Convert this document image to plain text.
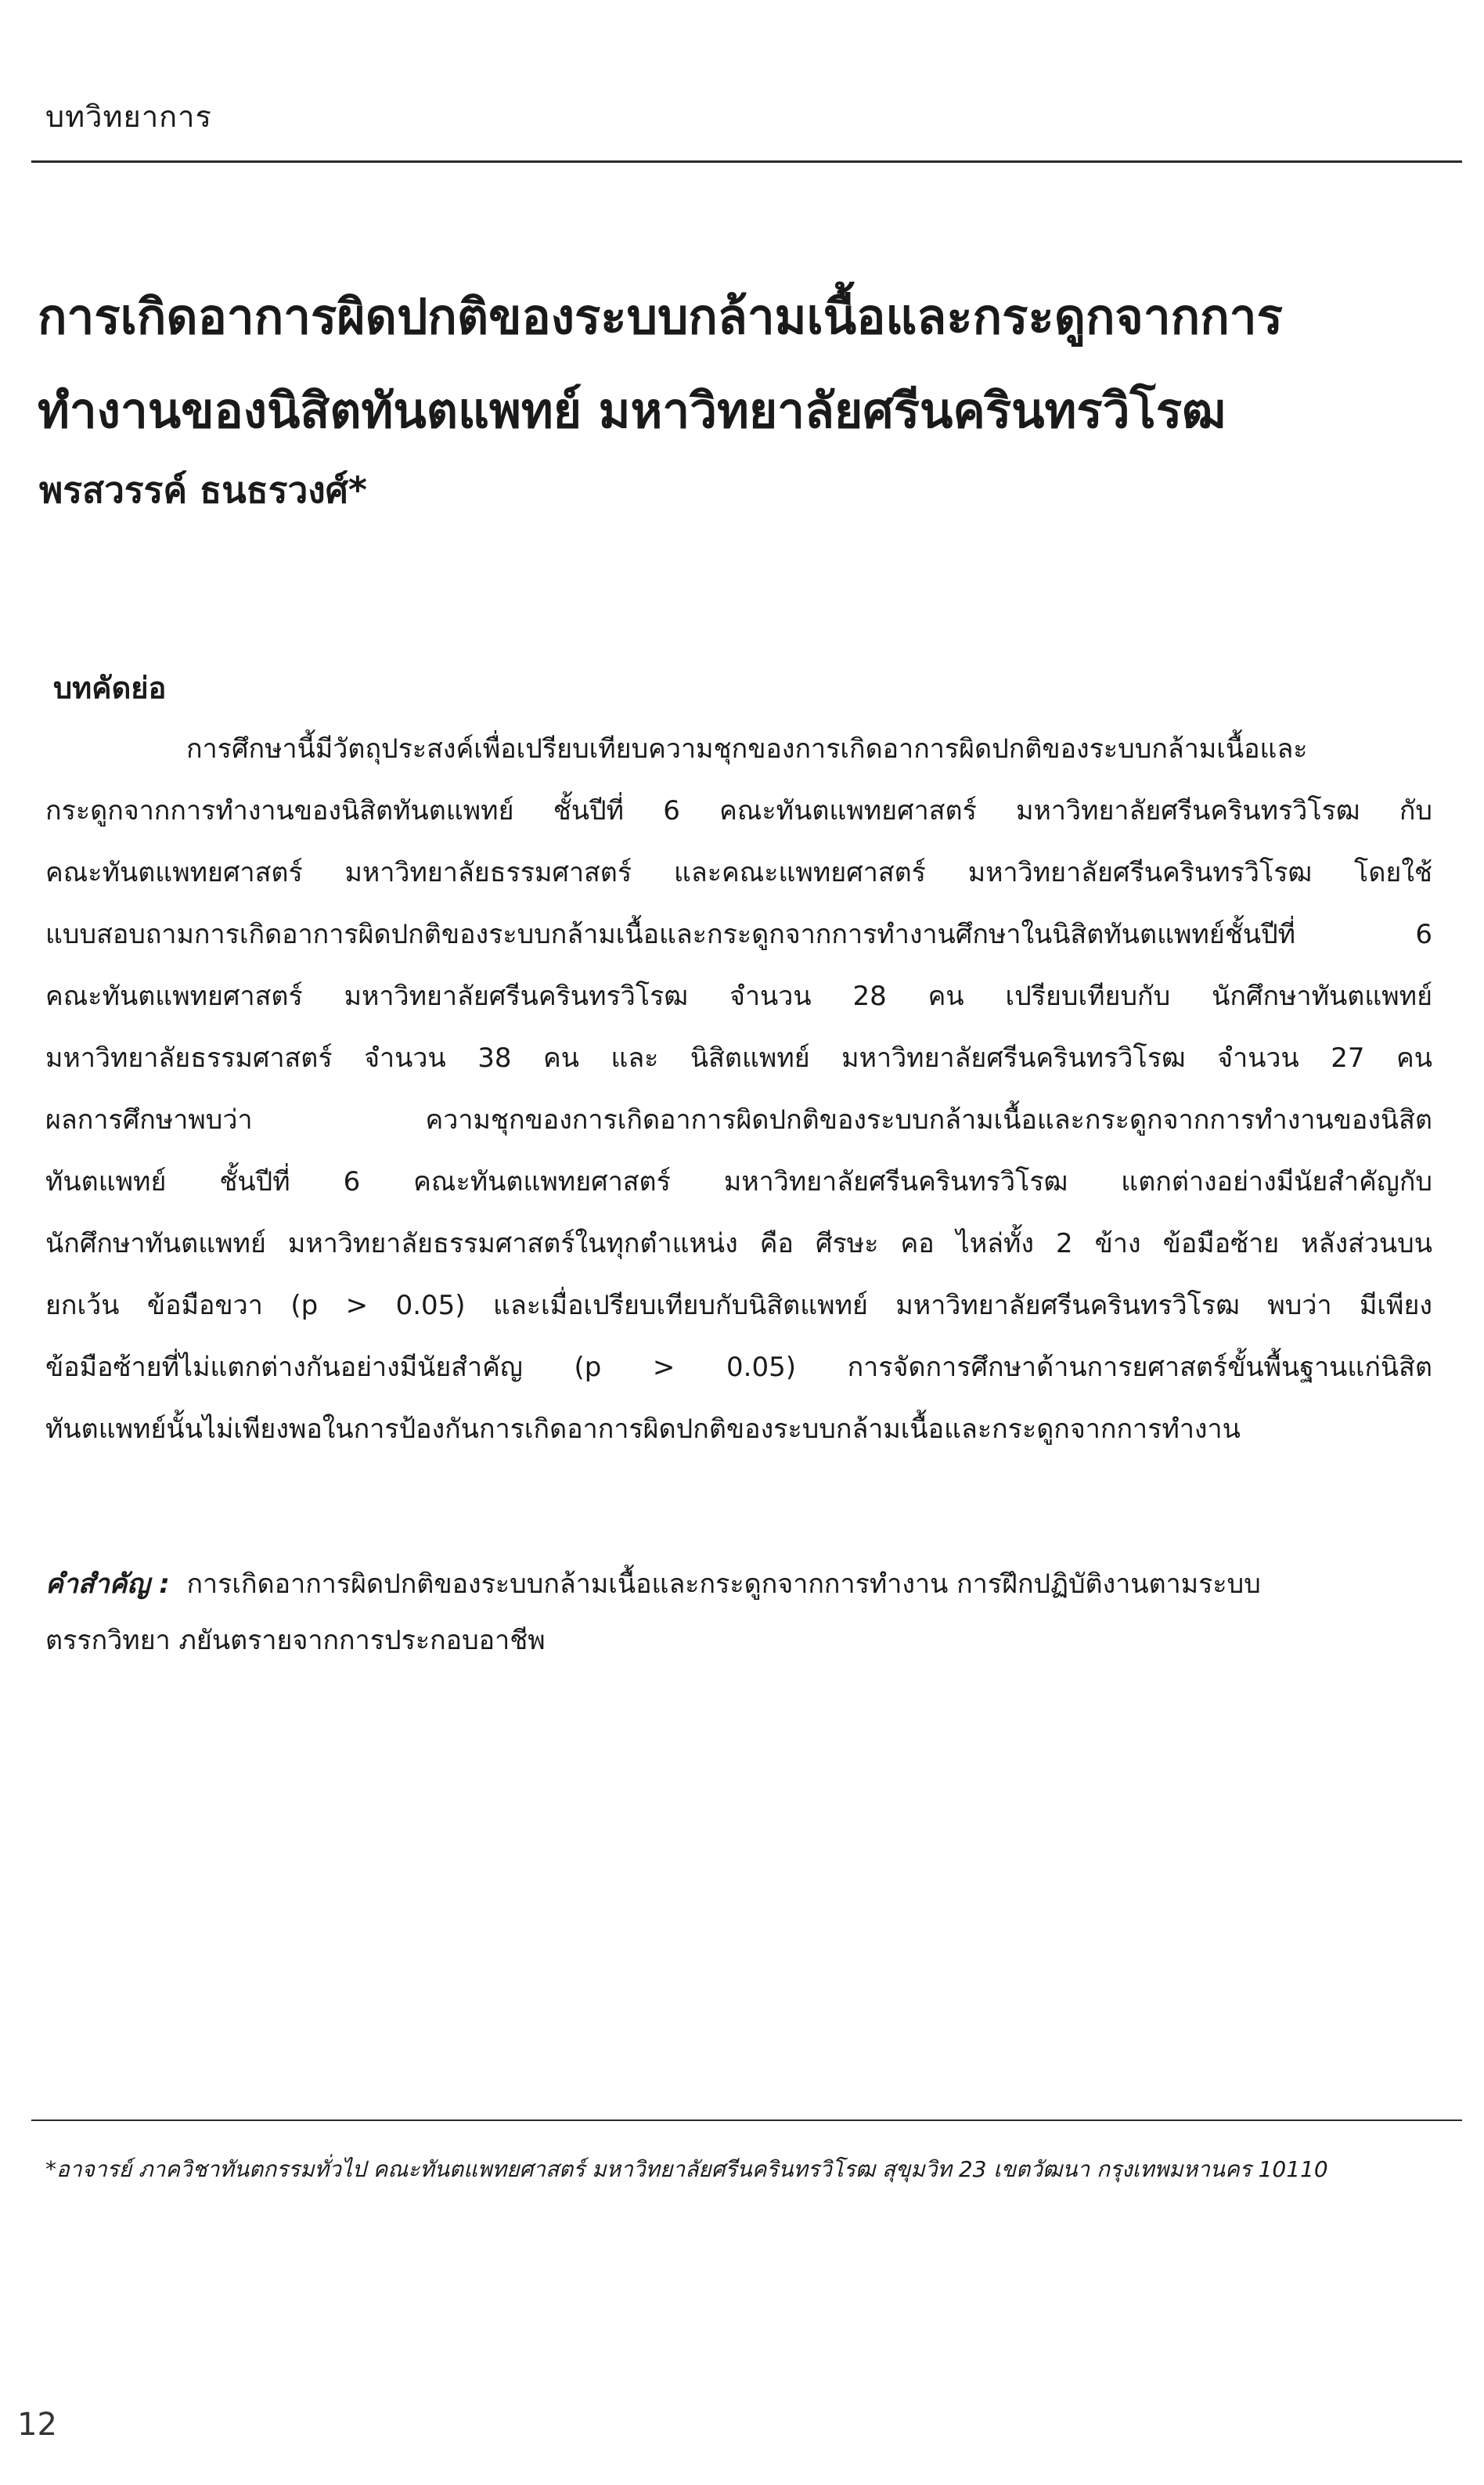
บทวิทยาการ
การเกิดอาการผิดปกติของระบบกล้ามเนื้อและกระดูกจากการ
ทำงานของนิสิตทันตแพทย์ มหาวิทยาลัยศรีนครินทรวิโรฒ

พรสวรรค์ ธนธรวงศ์*

บทคัดย่อ
การศึกษานี้มีวัตถุประสงค์เพื่อเปรียบเทียบความชุกของการเกิดอาการผิดปกติของระบบกล้ามเนื้อและ
กระดูกจากการทำงานของนิสิตทันตแพทย์ ชั้นปีที่ 6 คณะทันตแพทยศาสตร์ มหาวิทยาลัยศรีนครินทรวิโรฒ กับ
คณะทันตแพทยศาสตร์ มหาวิทยาลัยธรรมศาสตร์ และคณะแพทยศาสตร์ มหาวิทยาลัยศรีนครินทรวิโรฒ โดยใช้
แบบสอบถามการเกิดอาการผิดปกติของระบบกล้ามเนื้อและกระดูกจากการทำงานศึกษาในนิสิตทันตแพทย์ชั้นปีที่ 6
คณะทันตแพทยศาสตร์ มหาวิทยาลัยศรีนครินทรวิโรฒ จำนวน 28 คน เปรียบเทียบกับ นักศึกษาทันตแพทย์
มหาวิทยาลัยธรรมศาสตร์ จำนวน 38 คน และ นิสิตแพทย์ มหาวิทยาลัยศรีนครินทรวิโรฒ จำนวน 27 คน
ผลการศึกษาพบว่า ความชุกของการเกิดอาการผิดปกติของระบบกล้ามเนื้อและกระดูกจากการทำงานของนิสิต
ทันตแพทย์ ชั้นปีที่ 6 คณะทันตแพทยศาสตร์ มหาวิทยาลัยศรีนครินทรวิโรฒ แตกต่างอย่างมีนัยสำคัญกับ
นักศึกษาทันตแพทย์ มหาวิทยาลัยธรรมศาสตร์ในทุกตำแหน่ง คือ ศีรษะ คอ ไหล่ทั้ง 2 ข้าง ข้อมือซ้าย หลังส่วนบน
ยกเว้น ข้อมือขวา (p > 0.05) และเมื่อเปรียบเทียบกับนิสิตแพทย์ มหาวิทยาลัยศรีนครินทรวิโรฒ พบว่า มีเพียง
ข้อมือซ้ายที่ไม่แตกต่างกันอย่างมีนัยสำคัญ (p > 0.05) การจัดการศึกษาด้านการยศาสตร์ขั้นพื้นฐานแก่นิสิต
ทันตแพทย์นั้นไม่เพียงพอในการป้องกันการเกิดอาการผิดปกติของระบบกล้ามเนื้อและกระดูกจากการทำงาน
คำสำคัญ : การเกิดอาการผิดปกติของระบบกล้ามเนื้อและกระดูกจากการทำงาน การฝึกปฏิบัติงานตามระบบ
ตรรกวิทยา ภยันตรายจากการประกอบอาชีพ

*อาจารย์ ภาควิชาทันตกรรมทั่วไป คณะทันตแพทยศาสตร์ มหาวิทยาลัยศรีนครินทรวิโรฒ สุขุมวิท 23 เขตวัฒนา กรุงเทพมหานคร 10110

12
